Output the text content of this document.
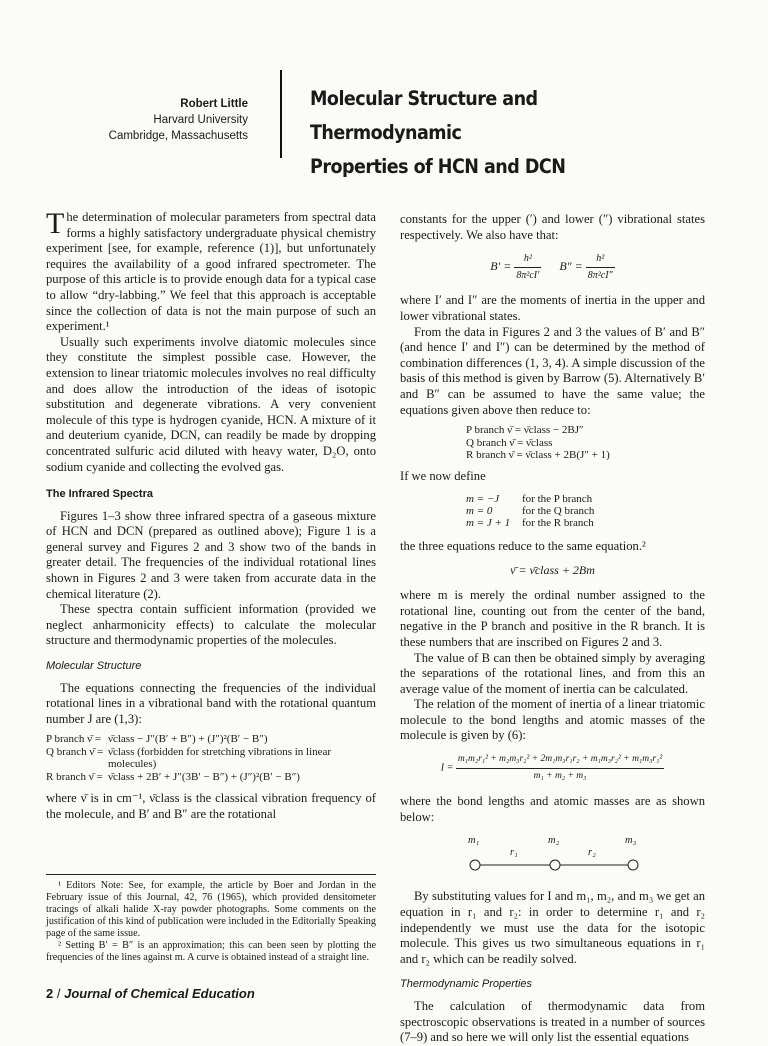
Robert Little
Harvard University
Cambridge, Massachusetts
Molecular Structure and Thermodynamic
Properties of HCN and DCN

The determination of molecular parameters from spectral data forms a highly satisfactory undergraduate physical chemistry experiment [see, for example, reference (1)], but unfortunately requires the availability of a good infrared spectrometer. The purpose of this article is to provide enough data for a typical case to allow “dry-labbing.” We feel that this approach is acceptable since the collection of data is not the main purpose of such an experiment.¹

Usually such experiments involve diatomic molecules since they constitute the simplest possible case. However, the extension to linear triatomic molecules involves no real difficulty and does allow the introduction of the ideas of isotopic substitution and degenerate vibrations. A very convenient molecule of this type is hydrogen cyanide, HCN. A mixture of it and deuterium cyanide, DCN, can readily be made by dropping concentrated sulfuric acid diluted with heavy water, D₂O, onto sodium cyanide and collecting the evolved gas.

The Infrared Spectra

Figures 1–3 show three infrared spectra of a gaseous mixture of HCN and DCN (prepared as outlined above); Figure 1 is a general survey and Figures 2 and 3 show two of the bands in greater detail. The frequencies of the individual rotational lines shown in Figures 2 and 3 were taken from accurate data in the chemical literature (2).

These spectra contain sufficient information (provided we neglect anharmonicity effects) to calculate the molecular structure and thermodynamic properties of the molecules.

Molecular Structure

The equations connecting the frequencies of the individual rotational lines in a vibrational band with the rotational quantum number J are (1,3):

P branch ν̄ = ν̄class − J″(B′ + B″) + (J″)²(B′ − B″)
Q branch ν̄ = ν̄class (forbidden for stretching vibrations in linear molecules)
R branch ν̄ = ν̄class + 2B′ + J″(3B′ − B″) + (J″)²(B′ − B″)

where ν̄ is in cm⁻¹, ν̄class is the classical vibration frequency of the molecule, and B′ and B″ are the rotational

¹ Editors Note: See, for example, the article by Boer and Jordan in the February issue of this Journal, 42, 76 (1965), which provided densitometer tracings of alkali halide X-ray powder photographs. Some comments on the justification of this kind of publication were included in the Editorially Speaking page of the same issue.

² Setting B′ = B″ is an approximation; this can been seen by plotting the frequencies of the lines against m. A curve is obtained instead of a straight line.

constants for the upper (′) and lower (″) vibrational states respectively. We also have that:

$B' = \frac{\text{h²}}{\text{8π²cI′}} B'' = \frac{\text{h²}}{\text{8π²cI″}}$

where I′ and I″ are the moments of inertia in the upper and lower vibrational states.

From the data in Figures 2 and 3 the values of B′ and B″ (and hence I′ and I″) can be determined by the method of combination differences (1, 3, 4). A simple discussion of the basis of this method is given by Barrow (5). Alternatively B′ and B″ can be assumed to have the same value; the equations given above then reduce to:

P branch ν̄ = ν̄class − 2BJ″
Q branch ν̄ = ν̄class
R branch ν̄ = ν̄class + 2B(J″ + 1)

If we now define

m = −J	for the P branch
m = 0	for the Q branch
m = J + 1	for the R branch

the three equations reduce to the same equation.²

ν̄ = ν̄class + 2Bm

where m is merely the ordinal number assigned to the rotational line, counting out from the center of the band, negative in the P branch and positive in the R branch. It is these numbers that are inscribed on Figures 2 and 3.

The value of B can then be obtained simply by averaging the separations of the rotational lines, and from this an average value of the moment of inertia can be calculated.

The relation of the moment of inertia of a linear triatomic molecule to the bond lengths and atomic masses of the molecule is given by (6):

$I = \frac{\text{m₁m₂r₁² + m₂m₃r₂² + 2m₁m₃r₁r₂ + m₁m₃r₂² + m₁m₃r₁²}}{\text{m₁ + m₂ + m₃}}$

where the bond lengths and atomic masses are as shown below:

m₁	m₂	m₃
r₁	r₂

By substituting values for I and m₁, m₂, and m₃ we get an equation in r₁ and r₂: in order to determine r₁ and r₂ independently we must use the data for the isotopic molecule. This gives us two simultaneous equations in r₁ and r₂ which can be readily solved.

Thermodynamic Properties

The calculation of thermodynamic data from spectroscopic observations is treated in a number of sources (7–9) and so here we will only list the essential equations

2 / Journal of Chemical Education
